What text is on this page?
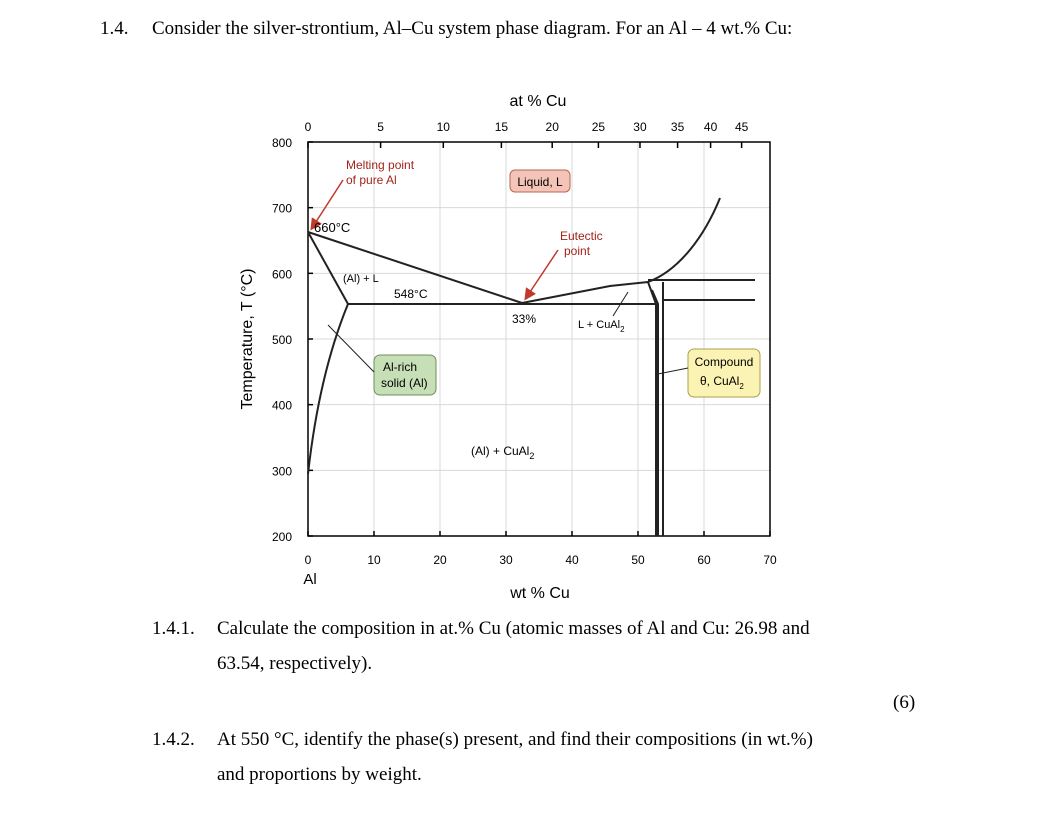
1.4. Consider the silver-strontium, Al–Cu system phase diagram. For an Al – 4 wt.% Cu:
0	5	10	15	20	25 30 35 40 45
0	10	20	30	40	50	60	70
800
700
600
500
400
300
200
at % Cu
wt % Cu
Al
Temperature, T (°C)
Melting point
of pure Al	Liquid, L
660°C
Eutectic
point
(Al) + L
548°C
33%	L + CuAl$_2$
Al-rich
solid (Al)
Compound
θ, CuAl$_2$
(Al) + CuAl$_2$
1.4.1. Calculate the composition in at.% Cu (atomic masses of Al and Cu: 26.98 and
63.54, respectively).
(6)
1.4.2. At 550 °C, identify the phase(s) present, and find their compositions (in wt.%)
and proportions by weight.
